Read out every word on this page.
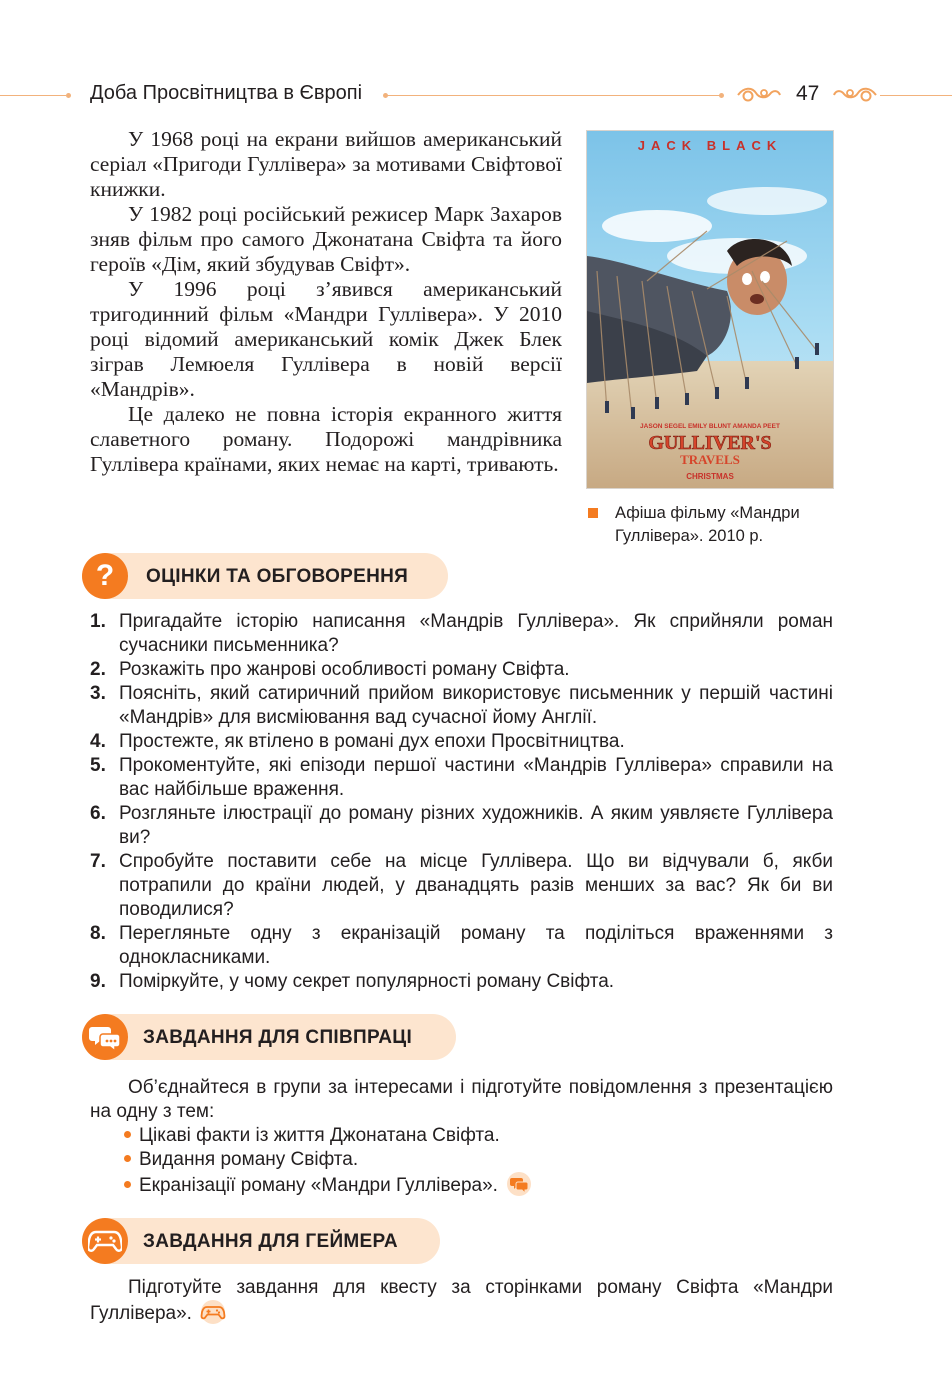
Доба Просвітництва в Європі	47

У 1968 році на екрани вийшов американський серіал «Пригоди Гуллівера» за мотивами Свіфтової книжки.

У 1982 році російський режисер Марк Захаров зняв фільм про самого Джонатана Свіфта та його героїв «Дім, який збудував Свіфт».

У 1996 році з’явився американський тригодинний фільм «Мандри Гуллівера». У 2010 році відомий американський комік Джек Блек зіграв Лемюеля Гуллівера в новій версії «Мандрів».

Це далеко не повна історія екранного життя славетного роману. Подорожі мандрівника Гуллівера країнами, яких немає на карті, тривають.

JACK BLACK
JASON SEGEL EMILY BLUNT AMANDA PEET
GULLIVER'S
TRAVELS
CHRISTMAS
Афіша фільму «Мандри
Гуллівера». 2010 р.
? ОЦІНКИ ТА ОБГОВОРЕННЯ
1. Пригадайте історію написання «Мандрів Гуллівера». Як сприйняли роман сучасники письменника?
2. Розкажіть про жанрові особливості роману Свіфта.
3. Поясніть, який сатиричний прийом використовує письменник у першій частині «Мандрів» для висміювання вад сучасної йому Англії.
4. Простежте, як втілено в романі дух епохи Просвітництва.
5. Прокоментуйте, які епізоди першої частини «Мандрів Гуллівера» справили на вас найбільше враження.
6. Розгляньте ілюстрації до роману різних художників. А яким уявляєте Гуллівера ви?
7. Спробуйте поставити себе на місце Гуллівера. Що ви відчували б, якби потрапили до країни людей, у дванадцять разів менших за вас? Як би ви поводилися?
8. Перегляньте одну з екранізацій роману та поділіться враженнями з однокласниками.
9. Поміркуйте, у чому секрет популярності роману Свіфта.
ЗАВДАННЯ ДЛЯ СПІВПРАЦІ
Об’єднайтеся в групи за інтересами і підготуйте повідомлення з презентацією на одну з тем:
Цікаві факти із життя Джонатана Свіфта.
Видання роману Свіфта.
Екранізації роману «Мандри Гуллівера».
ЗАВДАННЯ ДЛЯ ГЕЙМЕРА
Підготуйте завдання для квесту за сторінками роману Свіфта «Мандри Гуллівера».
